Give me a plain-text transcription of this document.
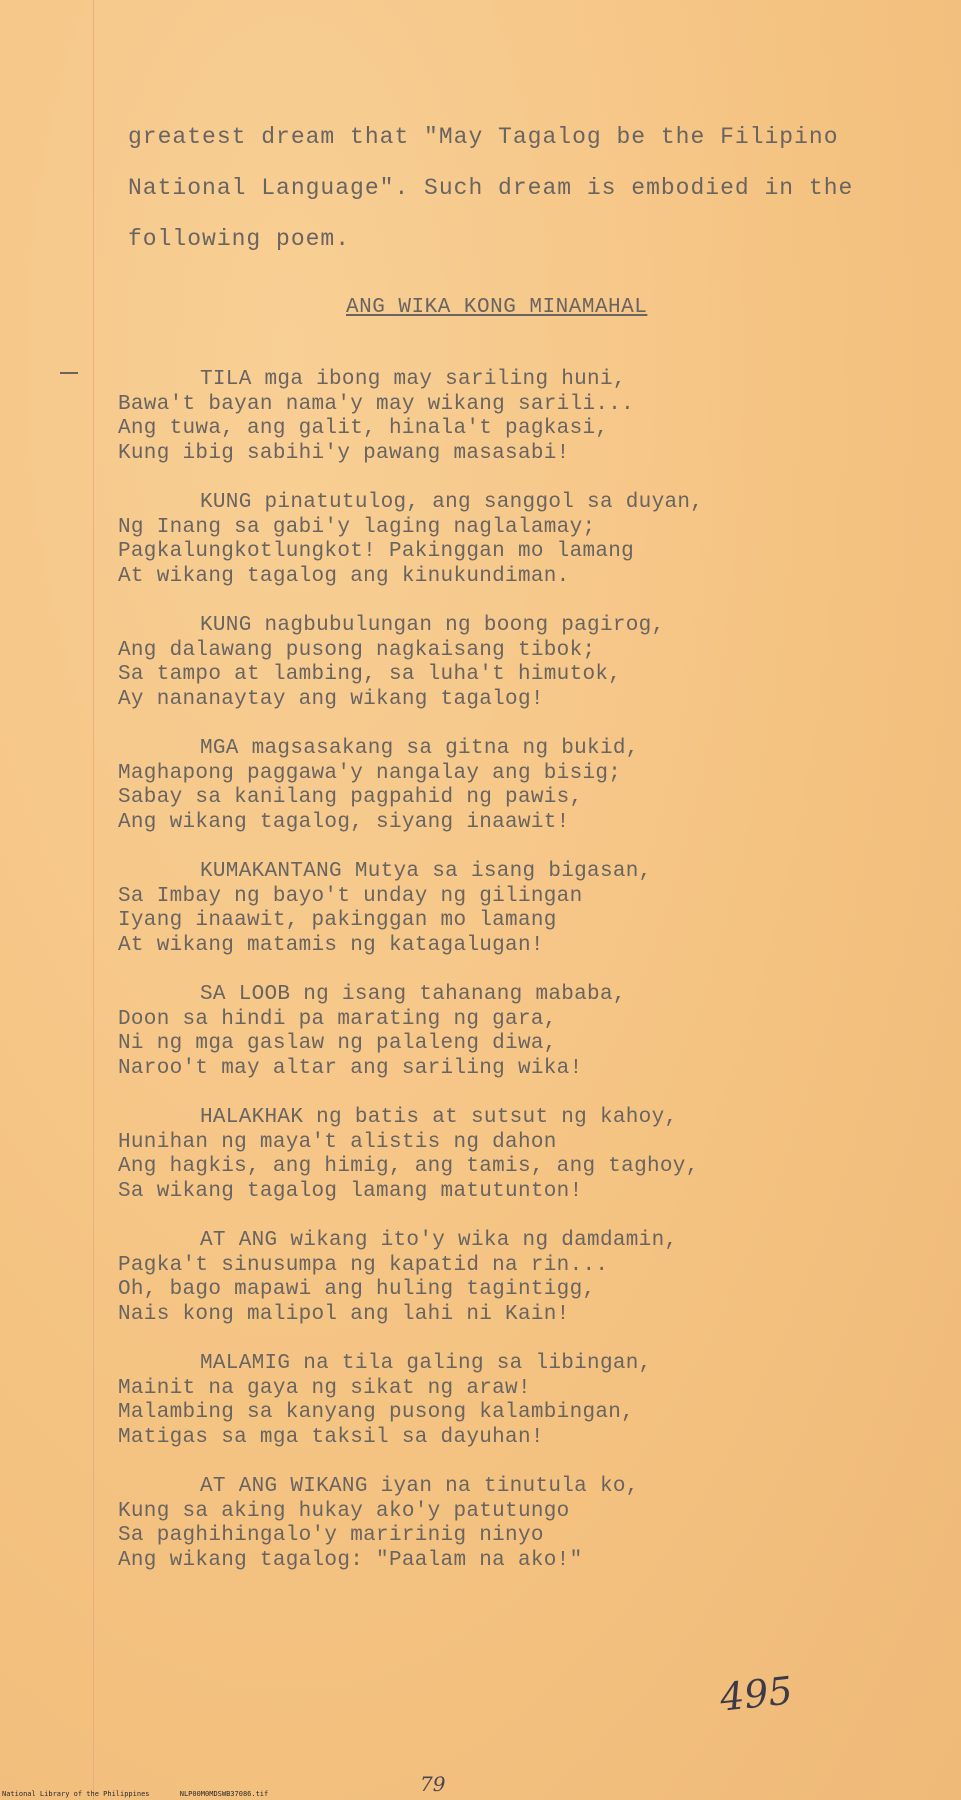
greatest dream that "May Tagalog be the Filipino
National Language". Such dream is embodied in the
following poem.
ANG WIKA KONG MINAMAHAL
TILA mga ibong may sariling huni,
Bawa't bayan nama'y may wikang sarili...
Ang tuwa, ang galit, hinala't pagkasi,
Kung ibig sabihi'y pawang masasabi!
KUNG pinatutulog, ang sanggol sa duyan,
Ng Inang sa gabi'y laging naglalamay;
Pagkalungkotlungkot! Pakinggan mo lamang
At wikang tagalog ang kinukundiman.
KUNG nagbubulungan ng boong pagirog,
Ang dalawang pusong nagkaisang tibok;
Sa tampo at lambing, sa luha't himutok,
Ay nananaytay ang wikang tagalog!
MGA magsasakang sa gitna ng bukid,
Maghapong paggawa'y nangalay ang bisig;
Sabay sa kanilang pagpahid ng pawis,
Ang wikang tagalog, siyang inaawit!
KUMAKANTANG Mutya sa isang bigasan,
Sa Imbay ng bayo't unday ng gilingan
Iyang inaawit, pakinggan mo lamang
At wikang matamis ng katagalugan!
SA LOOB ng isang tahanang mababa,
Doon sa hindi pa marating ng gara,
Ni ng mga gaslaw ng palaleng diwa,
Naroo't may altar ang sariling wika!
HALAKHAK ng batis at sutsut ng kahoy,
Hunihan ng maya't alistis ng dahon
Ang hagkis, ang himig, ang tamis, ang taghoy,
Sa wikang tagalog lamang matutunton!
AT ANG wikang ito'y wika ng damdamin,
Pagka't sinusumpa ng kapatid na rin...
Oh, bago mapawi ang huling tagintigg,
Nais kong malipol ang lahi ni Kain!
MALAMIG na tila galing sa libingan,
Mainit na gaya ng sikat ng araw!
Malambing sa kanyang pusong kalambingan,
Matigas sa mga taksil sa dayuhan!
AT ANG WIKANG iyan na tinutula ko,
Kung sa aking hukay ako'y patutungo
Sa paghihingalo'y maririnig ninyo
Ang wikang tagalog: "Paalam na ako!"
495
79
National Library of the Philippines	NLP00M0MDSWB37086.tif
